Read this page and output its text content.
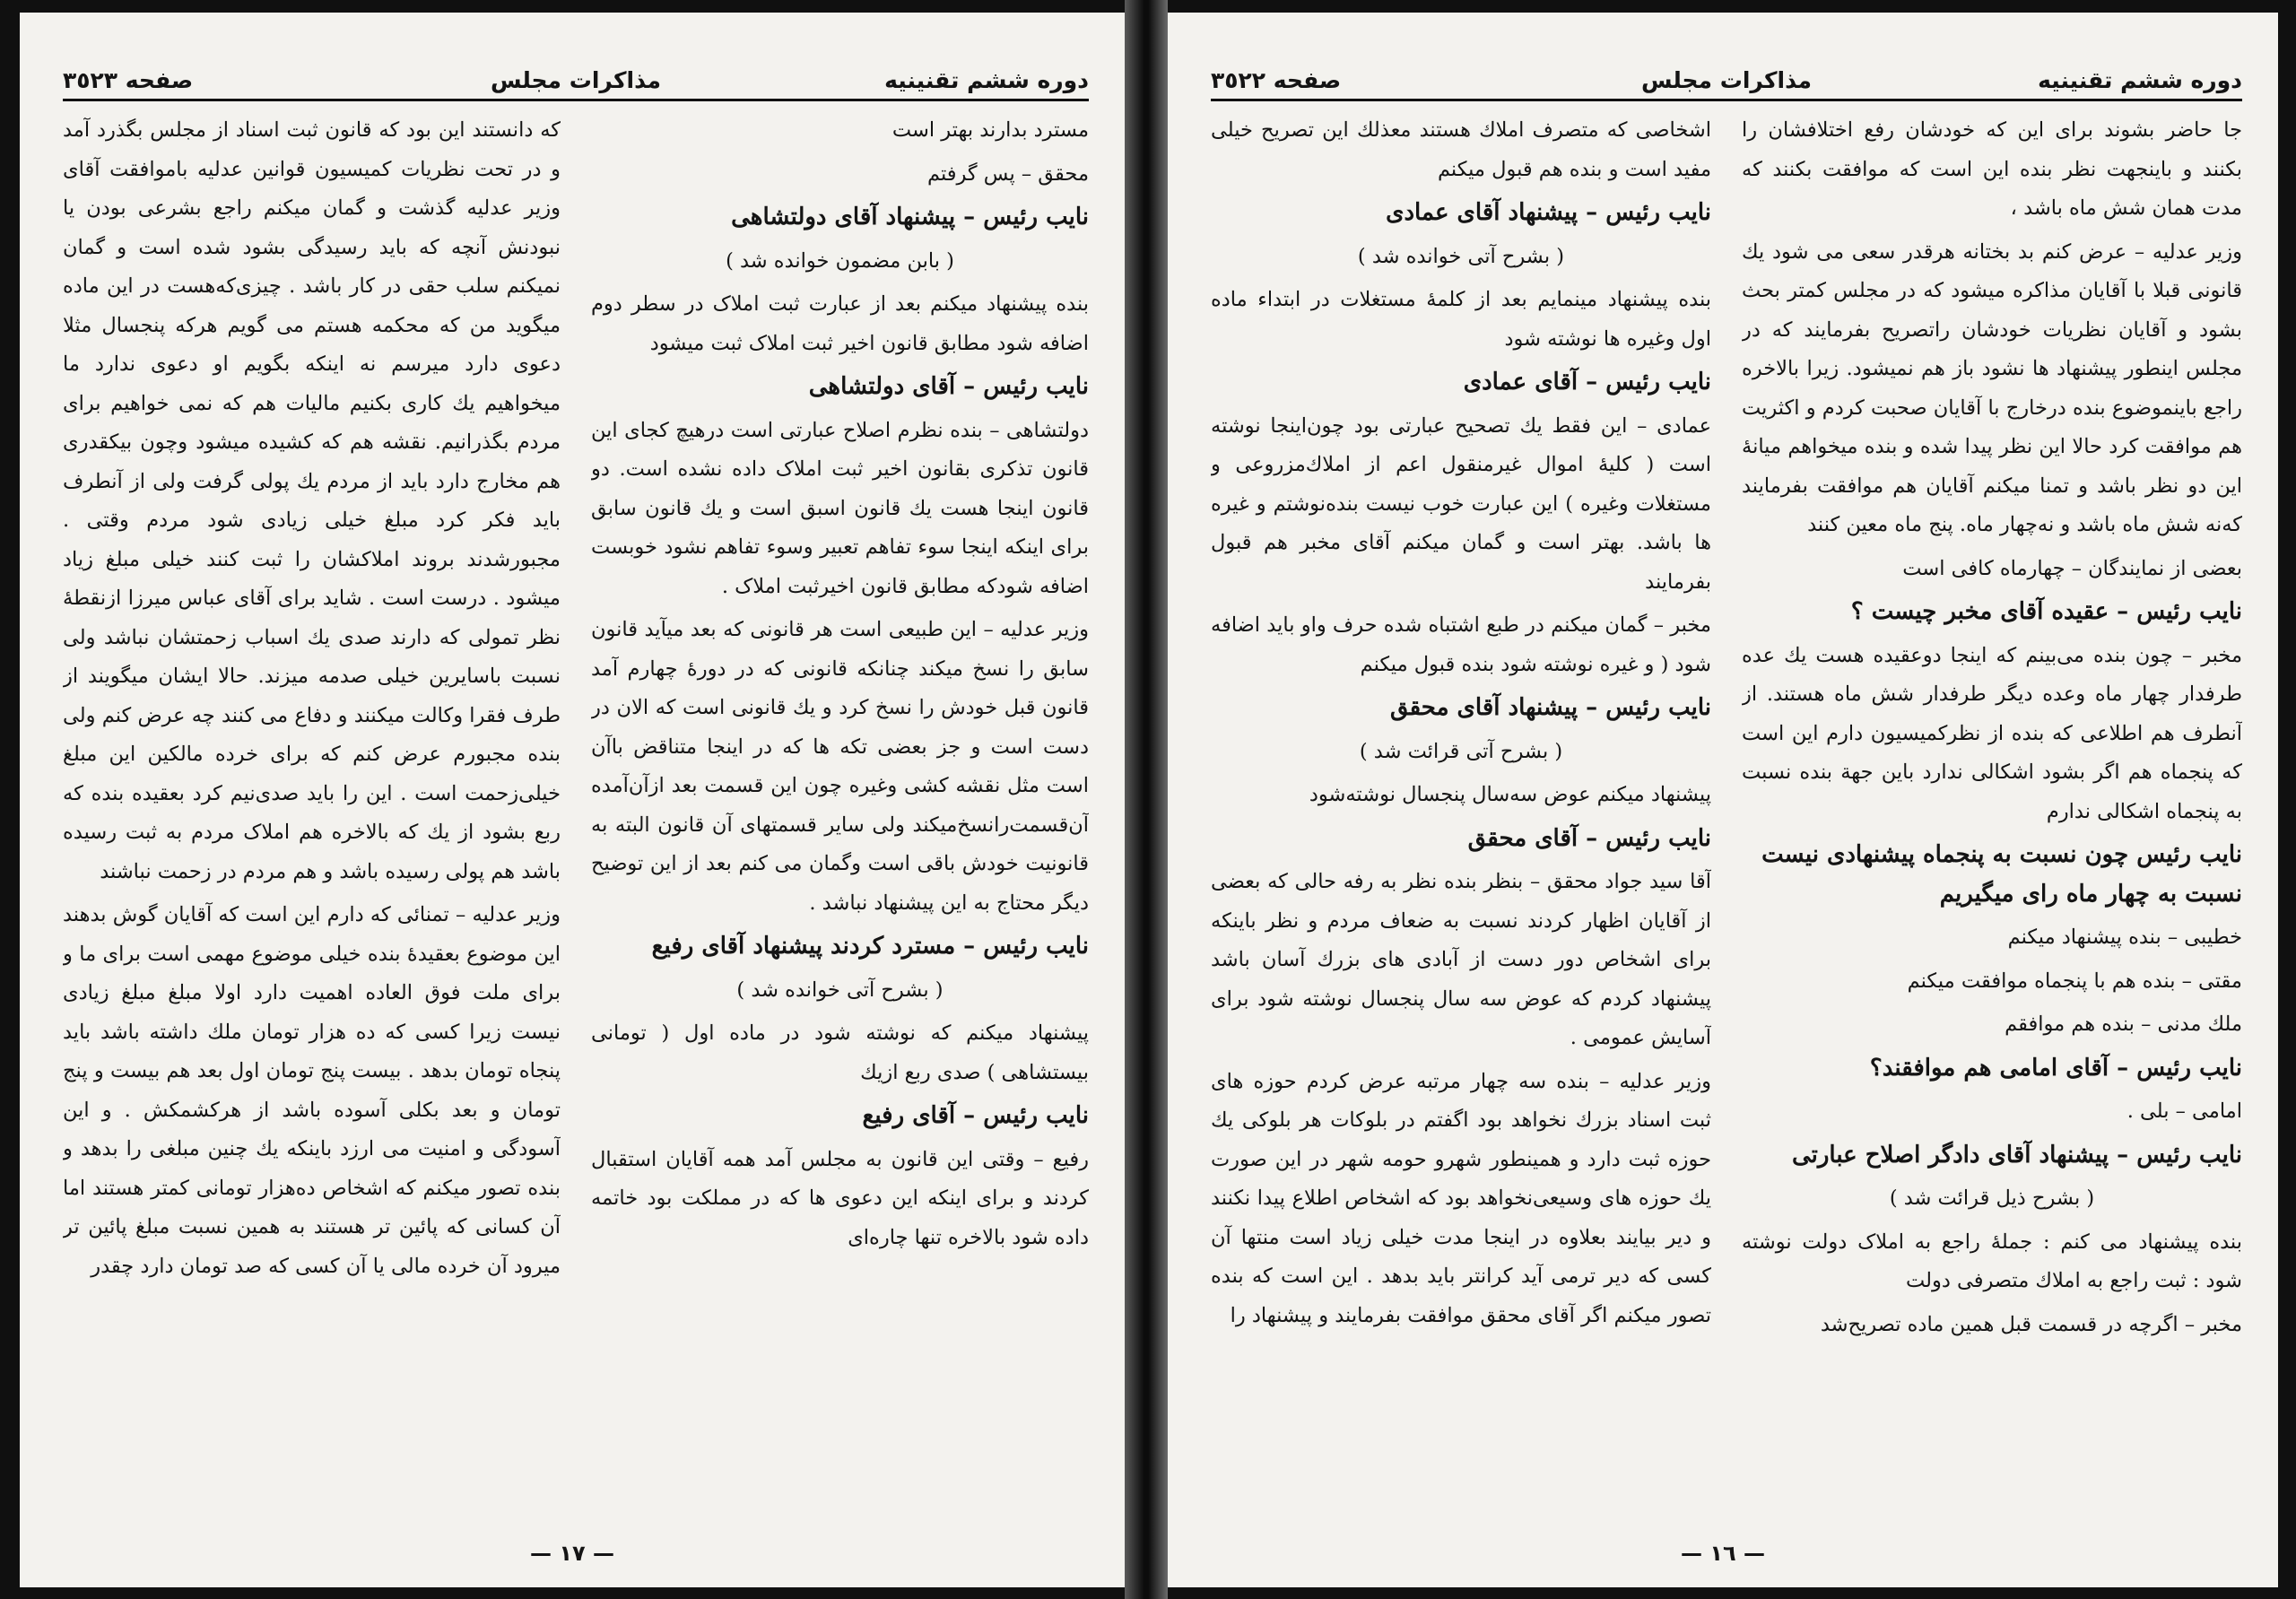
دوره ششم تقنینیه
مذاکرات مجلس
صفحه ٣٥٢٣

مسترد بدارند بهتر است

محقق – پس گرفتم

نایب رئیس – پیشنهاد آقای دولتشاهی

( بابن مضمون خوانده شد )

بنده پیشنهاد میکنم بعد از عبارت ثبت املاک در سطر دوم اضافه شود مطابق قانون اخیر ثبت املاک ثبت میشود

نایب رئیس – آقای دولتشاهی

دولتشاهی – بنده نظرم اصلاح عبارتی است درهیچ کجای این قانون تذکری بقانون اخیر ثبت املاک داده نشده است. دو قانون اینجا هست یك قانون اسبق است و یك قانون سابق برای اینکه اینجا سوء تفاهم تعبیر وسوء تفاهم نشود خوبست اضافه شودکه مطابق قانون اخیرثبت املاک .

وزیر عدلیه – این طبیعی است هر قانونی که بعد میآید قانون سابق را نسخ میکند چنانکه قانونی که در دورهٔ چهارم آمد قانون قبل خودش را نسخ کرد و یك قانونی است که الان در دست است و جز بعضی تکه ها که در اینجا متناقض باآن است مثل نقشه کشی وغیره چون این قسمت بعد ازآن‌آمده آن‌قسمت‌رانسخ‌میکند ولی سایر قسمتهای آن قانون البته به قانونیت خودش باقی است وگمان می کنم بعد از این توضیح دیگر محتاج به این پیشنهاد نباشد .

نایب رئیس – مسترد کردند پیشنهاد آقای رفیع

( بشرح آتی خوانده شد )

پیشنهاد میکنم که نوشته شود در ماده اول ( تومانی بیستشاهی ) صدی ربع ازیك

نایب رئیس – آقای رفیع

رفیع – وقتی این قانون به مجلس آمد همه آقایان استقبال کردند و برای اینکه این دعوی ها که در مملکت بود خاتمه داده شود بالاخره تنها چاره‌ای

که دانستند این بود که قانون ثبت اسناد از مجلس بگذرد آمد و در تحت نظریات کمیسیون قوانین عدلیه باموافقت آقای وزیر عدلیه گذشت و گمان میکنم راجع بشرعی بودن یا نبودنش آنچه که باید رسیدگی بشود شده است و گمان نمیکنم سلب حقی در کار باشد . چیزی‌که‌هست در این ماده میگوید من که محکمه هستم می گویم هرکه پنجسال مثلا دعوی دارد میرسم نه اینکه بگویم او دعوی ندارد ما میخواهیم یك کاری بکنیم مالیات هم که نمی خواهیم برای مردم بگذرانیم. نقشه هم که کشیده میشود وچون بیکقدری هم مخارج دارد باید از مردم یك پولی گرفت ولی از آنطرف باید فکر کرد مبلغ خیلی زیادی شود مردم وقتی . مجبورشدند بروند املاکشان را ثبت کنند خیلی مبلغ زیاد میشود . درست است . شاید برای آقای عباس میرزا ازنقطهٔ نظر تمولی که دارند صدی یك اسباب زحمتشان نباشد ولی نسبت باسایرین خیلی صدمه میزند. حالا ایشان میگویند از طرف فقرا وکالت میکنند و دفاع می کنند چه عرض کنم ولی بنده مجبورم عرض کنم که برای خرده مالکین این مبلغ خیلی‌زحمت است . این را باید صدی‌نیم کرد بعقیده بنده که ربع بشود از یك که بالاخره هم املاک مردم به ثبت رسیده باشد هم پولی رسیده باشد و هم مردم در زحمت نباشند

وزیر عدلیه – تمنائی که دارم این است که آقایان گوش بدهند این موضوع بعقیدهٔ بنده خیلی موضوع مهمی است برای ما و برای ملت فوق العاده اهمیت دارد اولا مبلغ مبلغ زیادی نیست زیرا کسی که ده هزار تومان ملك داشته باشد باید پنجاه تومان بدهد . بیست پنج تومان اول بعد هم بیست و پنج تومان و بعد بکلی آسوده باشد از هرکشمکش . و این آسودگی و امنیت می ارزد باینکه یك چنین مبلغی را بدهد و بنده تصور میکنم که اشخاص ده‌هزار تومانی کمتر هستند اما آن کسانی که پائین تر هستند به همین نسبت مبلغ پائین تر میرود آن خرده مالی یا آن کسی که صد تومان دارد چقدر

— ١٧ —
دوره ششم تقنینیه
مذاکرات مجلس
صفحه ٣٥٢٢

جا حاضر بشوند برای این که خودشان رفع اختلافشان را بکنند و باینجهت نظر بنده این است که موافقت بکنند که مدت همان شش ماه باشد ،

وزیر عدلیه – عرض کنم بد بختانه هرقدر سعی می شود یك قانونی قبلا با آقایان مذاکره میشود که در مجلس کمتر بحث بشود و آقایان نظریات خودشان راتصریح بفرمایند که در مجلس اینطور پیشنهاد ها نشود باز هم نمیشود. زیرا بالاخره راجع باینموضوع بنده درخارج با آقایان صحبت کردم و اکثریت هم موافقت کرد حالا این نظر پیدا شده و بنده میخواهم میانهٔ این دو نظر باشد و تمنا میکنم آقایان هم موافقت بفرمایند که‌نه شش ماه باشد و نه‌چهار ماه. پنج ماه معین کنند

بعضی از نمایندگان – چهارماه کافی است

نایب رئیس – عقیده آقای مخبر چیست ؟

مخبر – چون بنده می‌بینم که اینجا دوعقیده هست یك عده طرفدار چهار ماه وعده دیگر طرفدار شش ماه هستند. از آنطرف هم اطلاعی که بنده از نظرکمیسیون دارم این است که پنجماه هم اگر بشود اشکالی ندارد باین جهة بنده نسبت به پنجماه اشکالی ندارم

نایب رئیس چون نسبت به پنجماه پیشنهادی نیست نسبت به چهار ماه رای میگیریم

خطیبی – بنده پیشنهاد میکنم

مقتی – بنده هم با پنجماه موافقت میکنم

ملك مدنی – بنده هم موافقم

نایب رئیس – آقای امامی هم موافقند؟

امامی – بلی .

نایب رئیس – پیشنهاد آقای دادگر اصلاح عبارتی

( بشرح ذیل قرائت شد )

بنده پیشنهاد می کنم : جملهٔ راجع به املاک دولت نوشته شود : ثبت راجع به املاك متصرفی دولت

مخبر – اگرچه در قسمت قبل همین ماده تصریح‌شد

اشخاصی که متصرف املاك هستند معذلك این تصریح خیلی مفید است و بنده هم قبول میکنم

نایب رئیس – پیشنهاد آقای عمادی

( بشرح آتی خوانده شد )

بنده پیشنهاد مینمایم بعد از کلمهٔ مستغلات در ابتداء ماده اول وغیره ها نوشته شود

نایب رئیس – آقای عمادی

عمادی – این فقط یك تصحیح عبارتی بود چون‌اینجا نوشته است ( کلیهٔ اموال غیرمنقول اعم از املاك‌مزروعی و مستغلات وغیره ) این عبارت خوب نیست بنده‌نوشتم و غیره ها باشد. بهتر است و گمان میکنم آقای مخبر هم قبول بفرمایند

مخبر – گمان میکنم در طبع اشتباه شده حرف واو باید اضافه شود ( و غیره نوشته شود بنده قبول میکنم

نایب رئیس – پیشنهاد آقای محقق

( بشرح آتی قرائت شد )

پیشنهاد میکنم عوض سه‌سال پنجسال نوشته‌شود

نایب رئیس – آقای محقق

آقا سید جواد محقق – بنظر بنده نظر به رفه حالی که بعضی از آقایان اظهار کردند نسبت به ضعاف مردم و نظر باینکه برای اشخاص دور دست از آبادی های بزرك آسان باشد پیشنهاد کردم که عوض سه سال پنجسال نوشته شود برای آسایش عمومی .

وزیر عدلیه – بنده سه چهار مرتبه عرض کردم حوزه های ثبت اسناد بزرك نخواهد بود اگفتم در بلوکات هر بلوکی یك حوزه ثبت دارد و همینطور شهرو حومه شهر در این صورت یك حوزه های وسیعی‌نخواهد بود که اشخاص اطلاع پیدا نکنند و دیر بیایند بعلاوه در اینجا مدت خیلی زیاد است منتها آن کسی که دیر ترمی آید کرانتر باید بدهد . این است که بنده تصور میکنم اگر آقای محقق موافقت بفرمایند و پیشنهاد را

— ١٦ —
